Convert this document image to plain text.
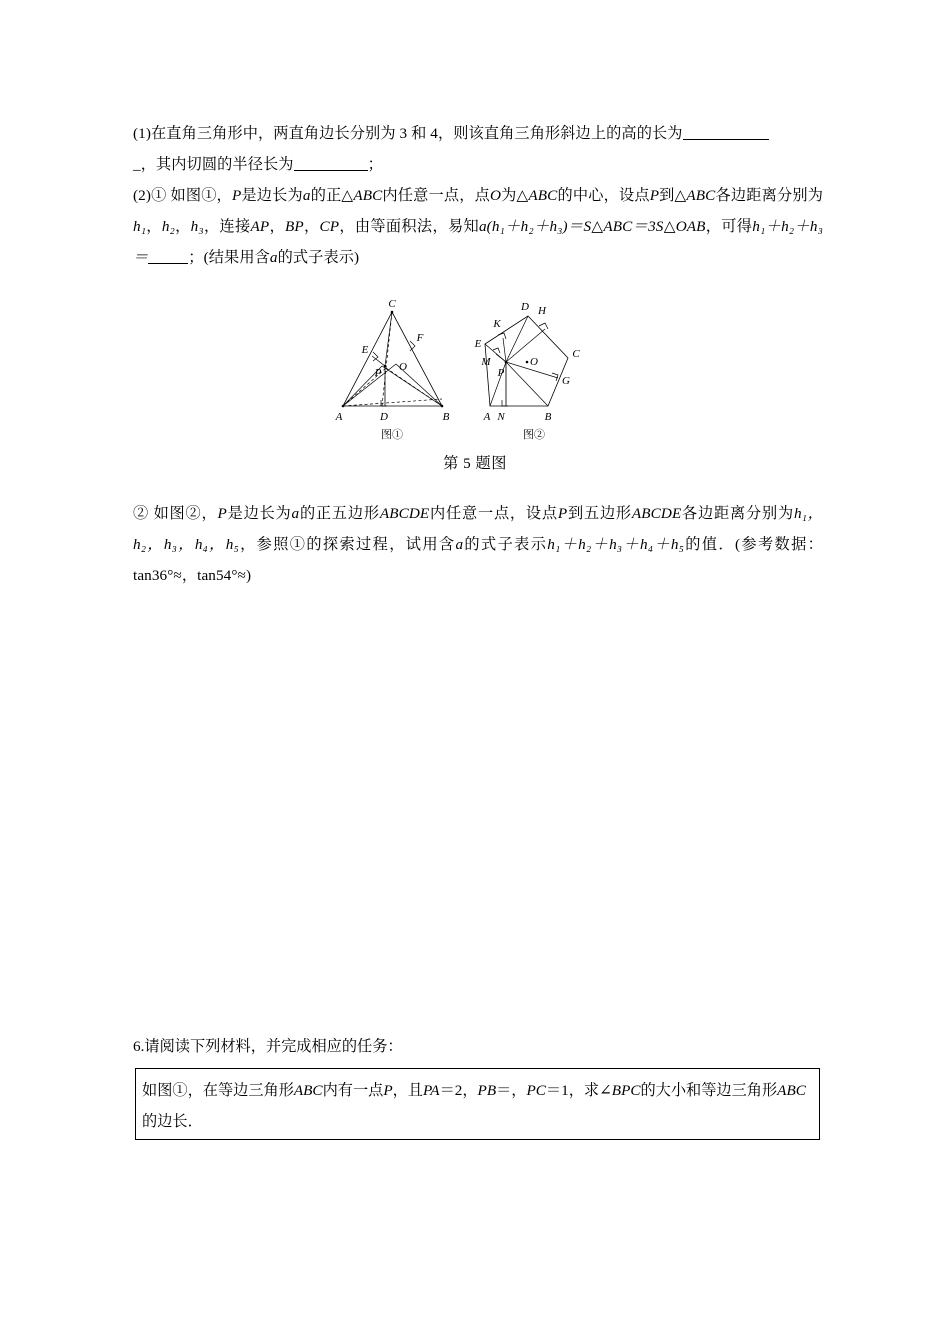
(1)在直角三角形中，两直角边长分别为 3 和 4，则该直角三角形斜边上的高的长为

_，其内切圆的半径长为	；

(2)① 如图①，P是边长为a的正△ABC内任意一点，点O为△ABC的中心，设点P到△ABC各边距离分别为h₁，h₂，h₃，连接AP，BP，CP，由等面积法，易知a(h₁＋h₂＋h₃)＝S△ABC＝3S△OAB，可得h₁＋h₂＋h₃＝	；(结果用含a的式子表示)

A	B
C
D
E
F
P O
图①
A	B
C
D
E
N
G
H
K
M
P
O
图②
第 5 题图

② 如图②，P是边长为a的正五边形ABCDE内任意一点，设点P到五边形ABCDE各边距离分别为h₁，h₂，h₃，h₄，h₅，参照①的探索过程，试用含a的式子表示h₁＋h₂＋h₃＋h₄＋h₅的值．(参考数据：tan36°≈，tan54°≈)

6.请阅读下列材料，并完成相应的任务：
如图①，在等边三角形ABC内有一点P，且PA＝2，PB＝，PC＝1，求∠BPC的大小和等边三角形ABC的边长．
